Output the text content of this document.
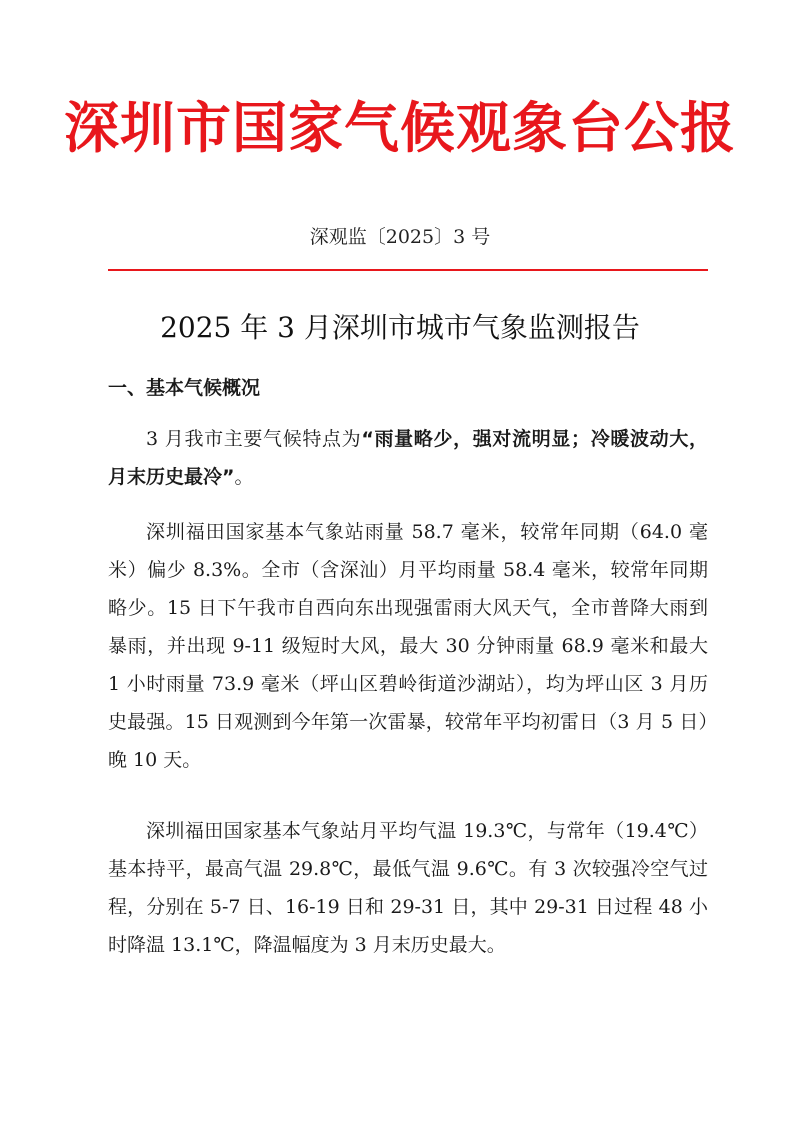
深圳市国家气候观象台公报
深观监〔2025〕3 号
2025 年 3 月深圳市城市气象监测报告
一、基本气候概况

3 月我市主要气候特点为“雨量略少，强对流明显；冷暖波动大，月末历史最冷”。

深圳福田国家基本气象站雨量 58.7 毫米，较常年同期（64.0 毫米）偏少 8.3%。全市（含深汕）月平均雨量 58.4 毫米，较常年同期略少。15 日下午我市自西向东出现强雷雨大风天气，全市普降大雨到暴雨，并出现 9-11 级短时大风，最大 30 分钟雨量 68.9 毫米和最大 1 小时雨量 73.9 毫米（坪山区碧岭街道沙湖站），均为坪山区 3 月历史最强。15 日观测到今年第一次雷暴，较常年平均初雷日（3 月 5 日）晚 10 天。

深圳福田国家基本气象站月平均气温 19.3℃，与常年（19.4℃）基本持平，最高气温 29.8℃，最低气温 9.6℃。有 3 次较强冷空气过程，分别在 5-7 日、16-19 日和 29-31 日，其中 29-31 日过程 48 小时降温 13.1℃，降温幅度为 3 月末历史最大。
